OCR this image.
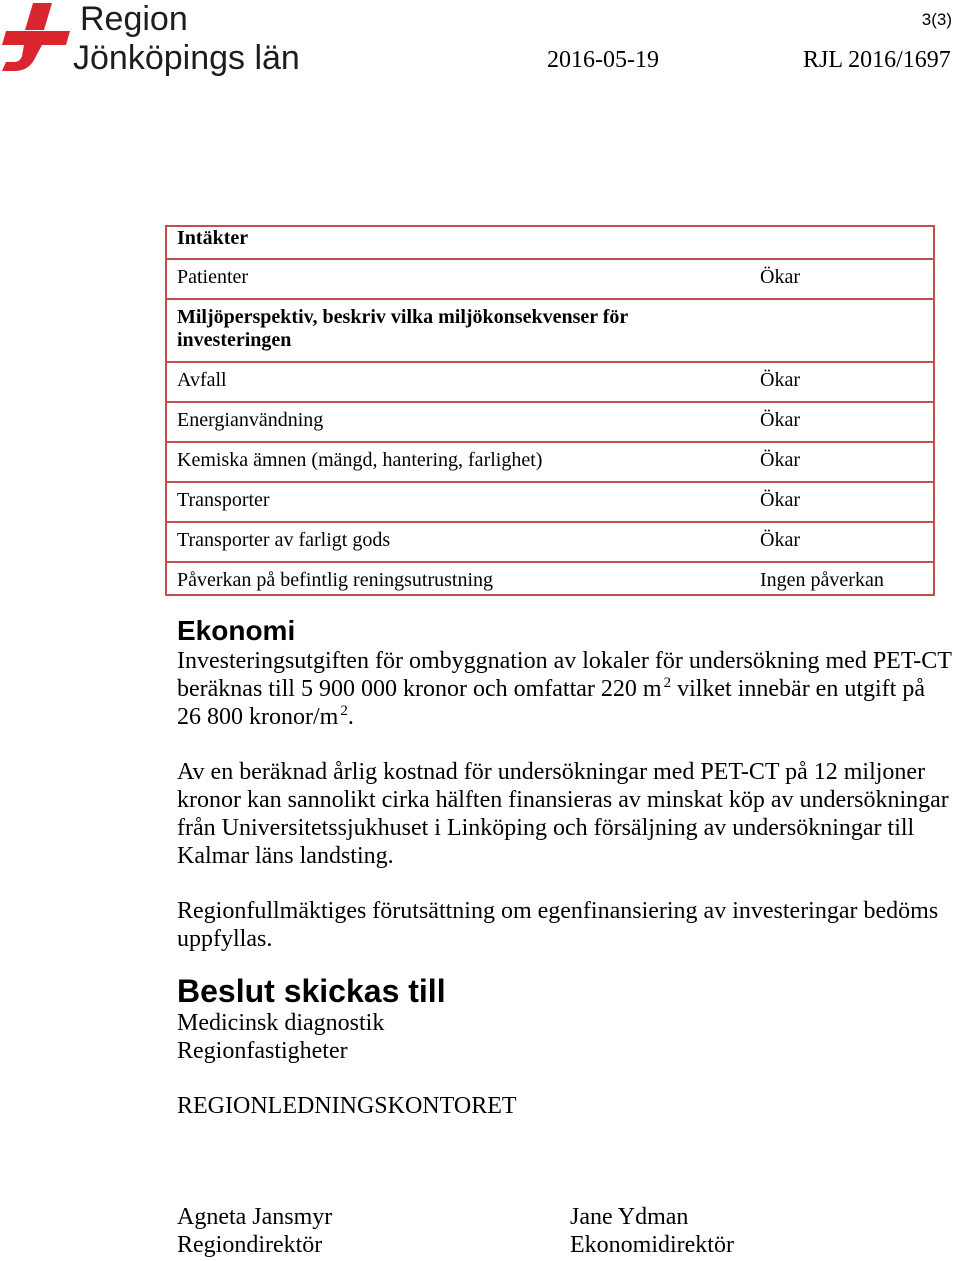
Region
Jönköpings län
3(3)
2016-05-19	RJL 2016/1697
Intäkter
Patienter	Ökar
Miljöperspektiv, beskriv vilka miljökonsekvenser för investeringen
Avfall	Ökar
Energianvändning	Ökar
Kemiska ämnen (mängd, hantering, farlighet)	Ökar
Transporter	Ökar
Transporter av farligt gods	Ökar
Påverkan på befintlig reningsutrustning	Ingen påverkan
Ekonomi

Investeringsutgiften för ombyggnation av lokaler för undersökning med PET-CT beräknas till 5 900 000 kronor och omfattar 220 m $^2$ vilket innebär en utgift på 26 800 kronor/m $^2$.

Av en beräknad årlig kostnad för undersökningar med PET-CT på 12 miljoner kronor kan sannolikt cirka hälften finansieras av minskat köp av undersökningar från Universitetssjukhuset i Linköping och försäljning av undersökningar till Kalmar läns landsting.

Regionfullmäktiges förutsättning om egenfinansiering av investeringar bedöms uppfyllas.

Beslut skickas till
Medicinsk diagnostik
Regionfastigheter
REGIONLEDNINGSKONTORET
Agneta Jansmyr
Regiondirektör
Jane Ydman
Ekonomidirektör
